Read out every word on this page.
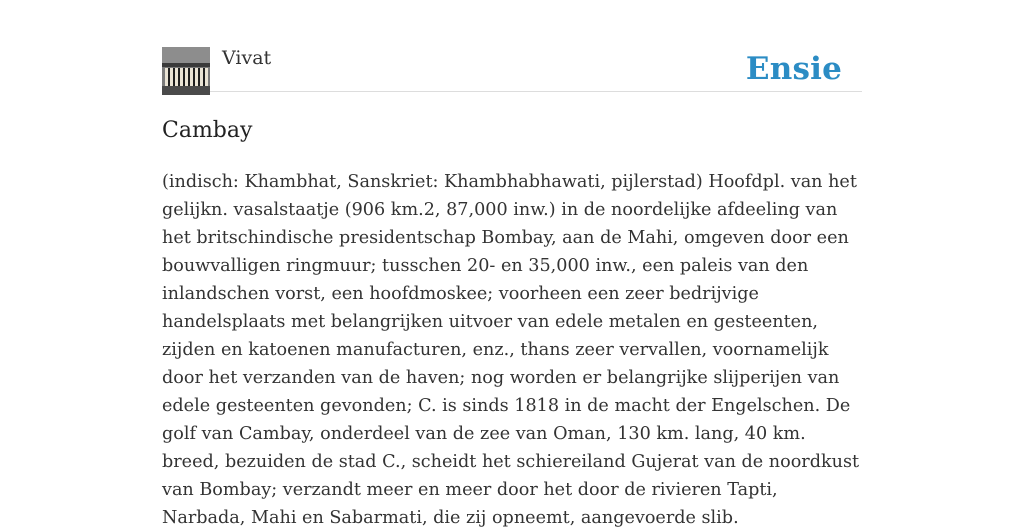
Vivat	Ensie
Cambay

(indisch: Khambhat, Sanskriet: Khambhabhawati, pijlerstad) Hoofdpl. van het gelijkn. vasalstaatje (906 km.2, 87,000 inw.) in de noordelijke afdeeling van het britschindische presidentschap Bombay, aan de Mahi, omgeven door een bouwvalligen ringmuur; tusschen 20- en 35,000 inw., een paleis van den inlandschen vorst, een hoofdmoskee; voorheen een zeer bedrijvige handelsplaats met belangrijken uitvoer van edele metalen en gesteenten, zijden en katoenen manufacturen, enz., thans zeer vervallen, voornamelijk door het verzanden van de haven; nog worden er belangrijke slijperijen van edele gesteenten gevonden; C. is sinds 1818 in de macht der Engelschen. De golf van Cambay, onderdeel van de zee van Oman, 130 km. lang, 40 km. breed, bezuiden de stad C., scheidt het schiereiland Gujerat van de noordkust van Bombay; verzandt meer en meer door het door de rivieren Tapti, Narbada, Mahi en Sabarmati, die zij opneemt, aangevoerde slib.
